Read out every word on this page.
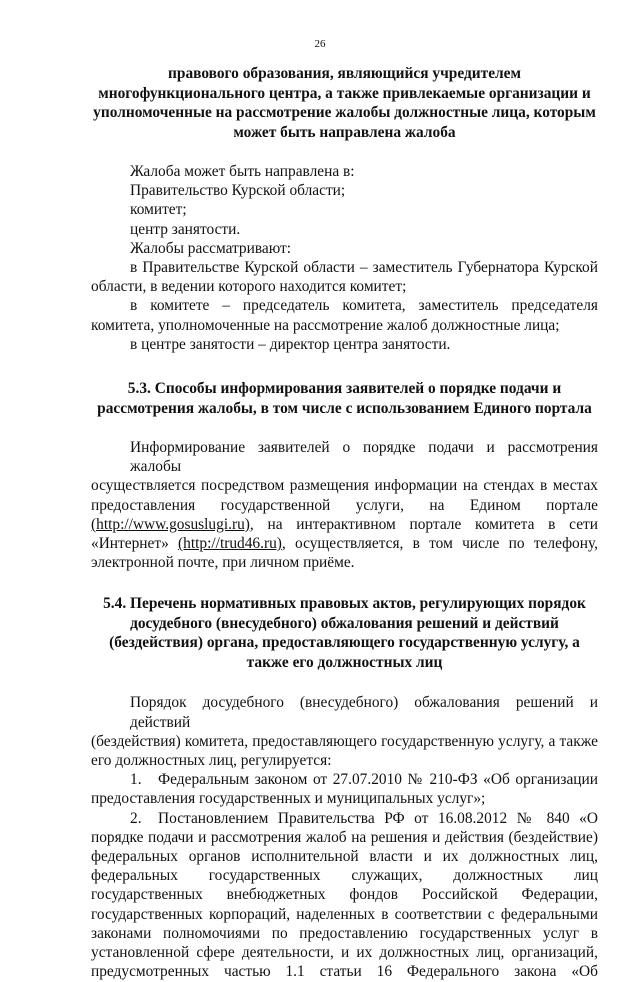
26
правового образования, являющийся учредителем
многофункционального центра, а также привлекаемые организации и
уполномоченные на рассмотрение жалобы должностные лица, которым
может быть направлена жалоба
Жалоба может быть направлена в:
Правительство Курской области;
комитет;
центр занятости.
Жалобы рассматривают:
в Правительстве Курской области – заместитель Губернатора Курской
области, в ведении которого находится комитет;
в комитете – председатель комитета, заместитель председателя
комитета, уполномоченные на рассмотрение жалоб должностные лица;
в центре занятости – директор центра занятости.
5.3. Способы информирования заявителей о порядке подачи и
рассмотрения жалобы, в том числе с использованием Единого портала
Информирование заявителей о порядке подачи и рассмотрения жалобы
осуществляется посредством размещения информации на стендах в местах
предоставления государственной услуги, на Едином портале
(http://www.gosuslugi.ru), на интерактивном портале комитета в сети
«Интернет» (http://trud46.ru), осуществляется, в том числе по телефону,
электронной почте, при личном приёме.
5.4. Перечень нормативных правовых актов, регулирующих порядок
досудебного (внесудебного) обжалования решений и действий
(бездействия) органа, предоставляющего государственную услугу, а
также его должностных лиц
Порядок досудебного (внесудебного) обжалования решений и действий
(бездействия) комитета, предоставляющего государственную услугу, а также
его должностных лиц, регулируется:
1. Федеральным законом от 27.07.2010 № 210-ФЗ «Об организации
предоставления государственных и муниципальных услуг»;
2. Постановлением Правительства РФ от 16.08.2012 № 840 «О
порядке подачи и рассмотрения жалоб на решения и действия (бездействие)
федеральных органов исполнительной власти и их должностных лиц,
федеральных государственных служащих, должностных лиц
государственных внебюджетных фондов Российской Федерации,
государственных корпораций, наделенных в соответствии с федеральными
законами полномочиями по предоставлению государственных услуг в
установленной сфере деятельности, и их должностных лиц, организаций,
предусмотренных частью 1.1 статьи 16 Федерального закона «Об
